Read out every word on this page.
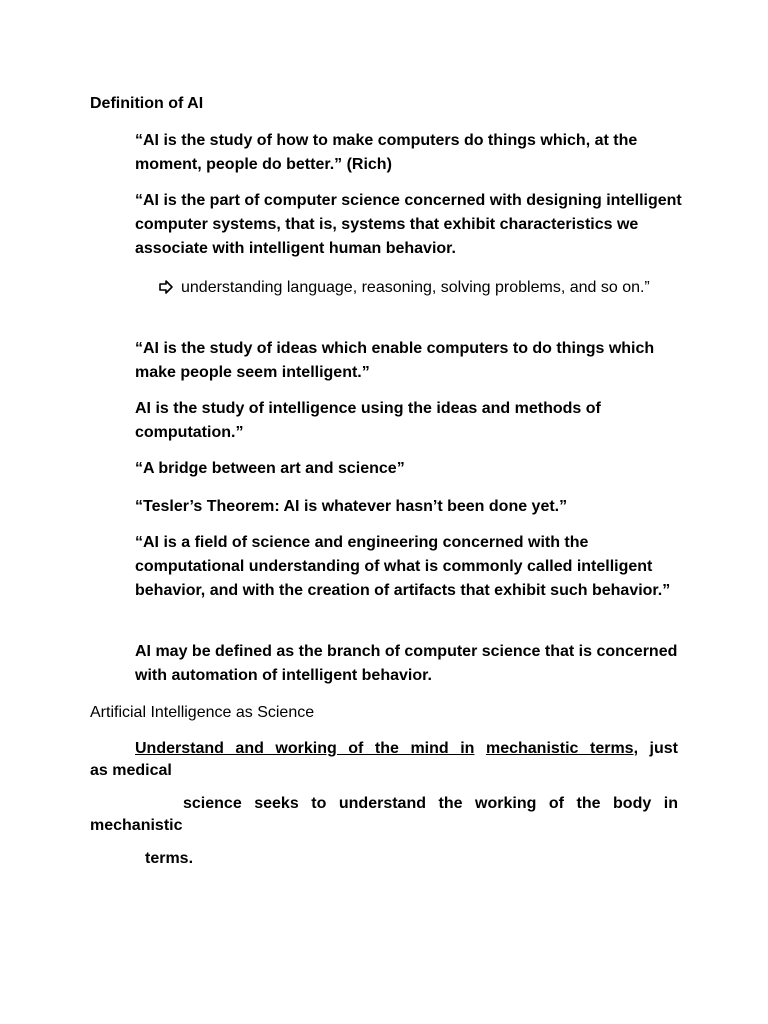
Definition of AI
“AI is the study of how to make computers do things which, at the moment, people do better.” (Rich)
“AI is the part of computer science concerned with designing intelligent computer systems, that is, systems that exhibit characteristics we associate with intelligent human behavior.
understanding language, reasoning, solving problems, and so on.”
“AI is the study of ideas which enable computers to do things which make people seem intelligent.”
AI is the study of intelligence using the ideas and methods of computation.”
“A bridge between art and science”
“Tesler’s Theorem: AI is whatever hasn’t been done yet.”
“AI is a field of science and engineering concerned with the computational understanding of what is commonly called intelligent behavior, and with the creation of artifacts that exhibit such behavior.”
AI may be defined as the branch of computer science that is concerned with automation of intelligent behavior.
Artificial Intelligence as Science
Understand and working of the mind in mechanistic terms, just
as medical
science seeks to understand the working of the body in
mechanistic
terms.
